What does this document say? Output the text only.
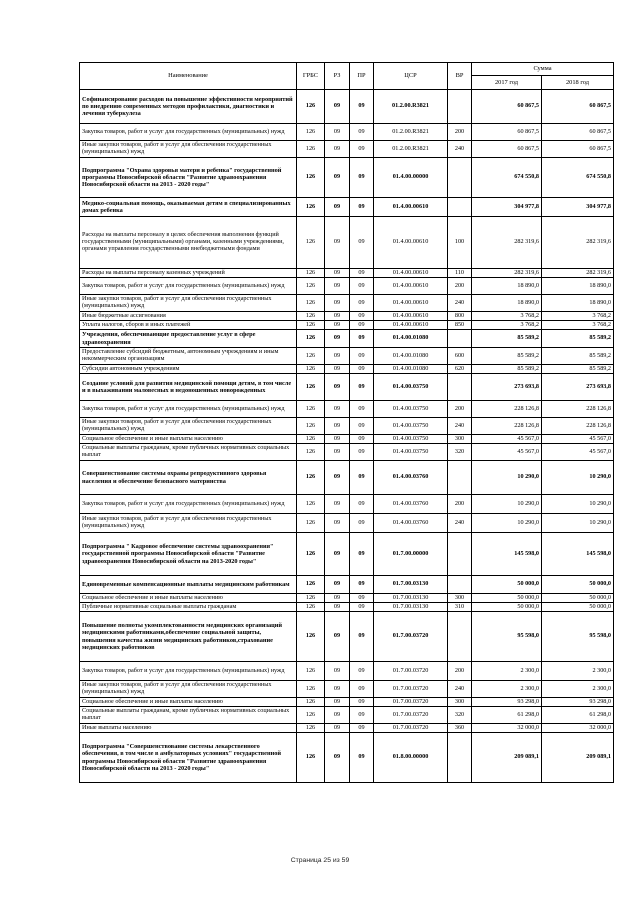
Наименование	ГРБС	РЗ	ПР	ЦСР	ВР	Сумма	
						2017 год	2018 год
Софинансирование расходов на повышение эффективности мероприятий по внедрению современных методов профилактики, диагностики и лечения туберкулеза	126	09	09	01.2.00.R3821		60 867,5	60 867,5
Закупка товаров, работ и услуг для государственных (муниципальных) нужд	126	09	09	01.2.00.R3821	200	60 867,5	60 867,5
Иные закупки товаров, работ и услуг для обеспечения государственных (муниципальных) нужд	126	09	09	01.2.00.R3821	240	60 867,5	60 867,5
Подпрограмма "Охрана здоровья матери и ребенка" государственной программы Новосибирской области "Развитие здравоохранения Новосибирской области на 2013 - 2020 годы"	126	09	09	01.4.00.00000		674 550,8	674 550,8
Медико-социальная помощь, оказываемая детям в специализированных домах ребенка	126	09	09	01.4.00.00610		304 977,8	304 977,8
Расходы на выплаты персоналу в целях обеспечения выполнения функций государственными (муниципальными) органами, казенными учреждениями, органами управления государственными внебюджетными фондами	126	09	09	01.4.00.00610	100	282 319,6	282 319,6
Расходы на выплаты персоналу казенных учреждений	126	09	09	01.4.00.00610	110	282 319,6	282 319,6
Закупка товаров, работ и услуг для государственных (муниципальных) нужд	126	09	09	01.4.00.00610	200	18 890,0	18 890,0
Иные закупки товаров, работ и услуг для обеспечения государственных (муниципальных) нужд	126	09	09	01.4.00.00610	240	18 890,0	18 890,0
Иные бюджетные ассигнования	126	09	09	01.4.00.00610	800	3 768,2	3 768,2
Уплата налогов, сборов и иных платежей	126	09	09	01.4.00.00610	850	3 768,2	3 768,2
Учреждения, обеспечивающие предоставление услуг в сфере здравоохранения	126	09	09	01.4.00.01080		85 589,2	85 589,2
Предоставление субсидий бюджетным, автономным учреждениям и иным некоммерческим организациям	126	09	09	01.4.00.01080	600	85 589,2	85 589,2
Субсидии автономным учреждениям	126	09	09	01.4.00.01080	620	85 589,2	85 589,2
Создание условий для развития медицинской помощи детям, в том числе и в выхаживании маловесных и недоношенных новорожденных	126	09	09	01.4.00.03750		273 693,8	273 693,8
Закупка товаров, работ и услуг для государственных (муниципальных) нужд	126	09	09	01.4.00.03750	200	228 126,8	228 126,8
Иные закупки товаров, работ и услуг для обеспечения государственных (муниципальных) нужд	126	09	09	01.4.00.03750	240	228 126,8	228 126,8
Социальное обеспечение и иные выплаты населению	126	09	09	01.4.00.03750	300	45 567,0	45 567,0
Социальные выплаты гражданам, кроме публичных нормативных социальных выплат	126	09	09	01.4.00.03750	320	45 567,0	45 567,0
Совершенствование системы охраны репродуктивного здоровья населения и обеспечение безопасного материнства	126	09	09	01.4.00.03760		10 290,0	10 290,0
Закупка товаров, работ и услуг для государственных (муниципальных) нужд	126	09	09	01.4.00.03760	200	10 290,0	10 290,0
Иные закупки товаров, работ и услуг для обеспечения государственных (муниципальных) нужд	126	09	09	01.4.00.03760	240	10 290,0	10 290,0
Подпрограмма " Кадровое обеспечение системы здравоохранения" государственной программы Новосибирской области "Развитие здравоохранения Новосибирской области на 2013-2020 годы"	126	09	09	01.7.00.00000		145 598,0	145 598,0
Единовременные компенсационные выплаты медицинским работникам	126	09	09	01.7.00.03130		50 000,0	50 000,0
Социальное обеспечение и иные выплаты населению	126	09	09	01.7.00.03130	300	50 000,0	50 000,0
Публичные нормативные социальные выплаты гражданам	126	09	09	01.7.00.03130	310	50 000,0	50 000,0
Повышение полноты укомплектованности медицинских организаций медицинскими работниками,обеспечение социальной защиты, повышения качества жизни медицинских работников,страхование медицинских работников	126	09	09	01.7.00.03720		95 598,0	95 598,0
Закупка товаров, работ и услуг для государственных (муниципальных) нужд	126	09	09	01.7.00.03720	200	2 300,0	2 300,0
Иные закупки товаров, работ и услуг для обеспечения государственных (муниципальных) нужд	126	09	09	01.7.00.03720	240	2 300,0	2 300,0
Социальное обеспечение и иные выплаты населению	126	09	09	01.7.00.03720	300	93 298,0	93 298,0
Социальные выплаты гражданам, кроме публичных нормативных социальных выплат	126	09	09	01.7.00.03720	320	61 298,0	61 298,0
Иные выплаты населению	126	09	09	01.7.00.03720	360	32 000,0	32 000,0
Подпрограмма "Совершенствование системы лекарственного обеспечения, в том числе в амбулаторных условиях" государственной программы Новосибирской области "Развитие здравоохранения Новосибирской области на 2013 - 2020 годы"	126	09	09	01.8.00.00000		209 089,1	209 089,1
Страница 25 из 59
